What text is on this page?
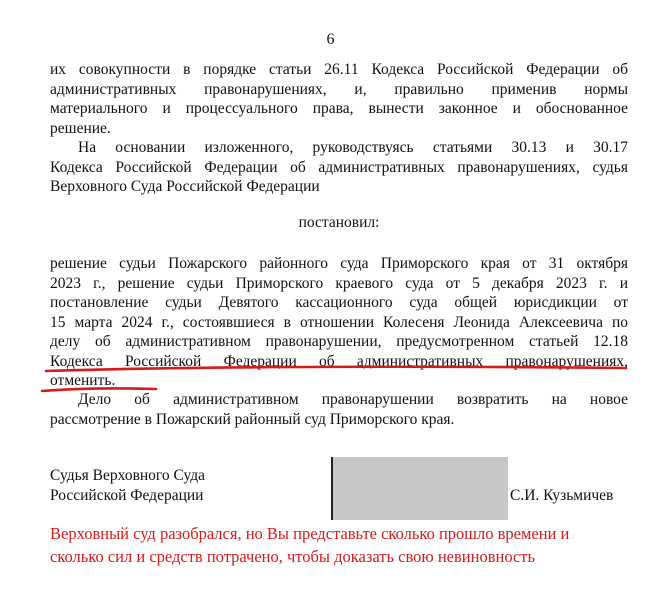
6
их совокупности в порядке статьи 26.11 Кодекса Российской Федерации об
административных правонарушениях, и, правильно применив нормы
материального и процессуального права, вынести законное и обоснованное
решение.
На основании изложенного, руководствуясь статьями 30.13 и 30.17
Кодекса Российской Федерации об административных правонарушениях, судья
Верховного Суда Российской Федерации
постановил:
решение судьи Пожарского районного суда Приморского края от 31 октября
2023 г., решение судьи Приморского краевого суда от 5 декабря 2023 г. и
постановление судьи Девятого кассационного суда общей юрисдикции от
15 марта 2024 г., состоявшиеся в отношении Колесеня Леонида Алексеевича по
делу об административном правонарушении, предусмотренном статьей 12.18
Кодекса Российской Федерации об административных правонарушениях,
отменить.
Дело об административном правонарушении возвратить на новое
рассмотрение в Пожарский районный суд Приморского края.
Судья Верховного Суда
Российской Федерации	С.И. Кузьмичев
Верховный суд разобрался, но Вы представьте сколько прошло времени и
сколько сил и средств потрачено, чтобы доказать свою невиновность
